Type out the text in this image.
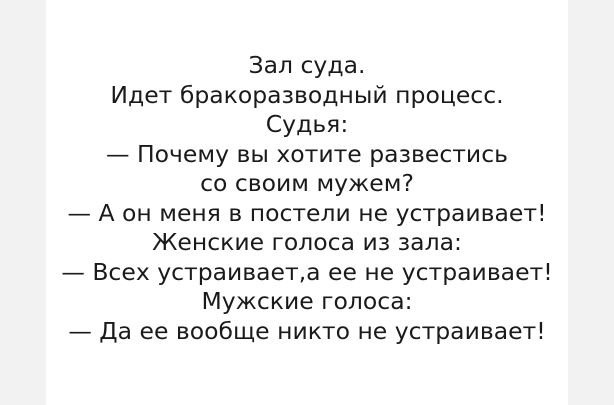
Зал суда.
Идет бракоразводный процесс.
Судья:
— Почему вы хотите развестись
со своим мужем?
— А он меня в постели не устраивает!
Женские голоса из зала:
— Всех устраивает,а ее не устраивает!
Мужские голоса:
— Да ее вообще никто не устраивает!
